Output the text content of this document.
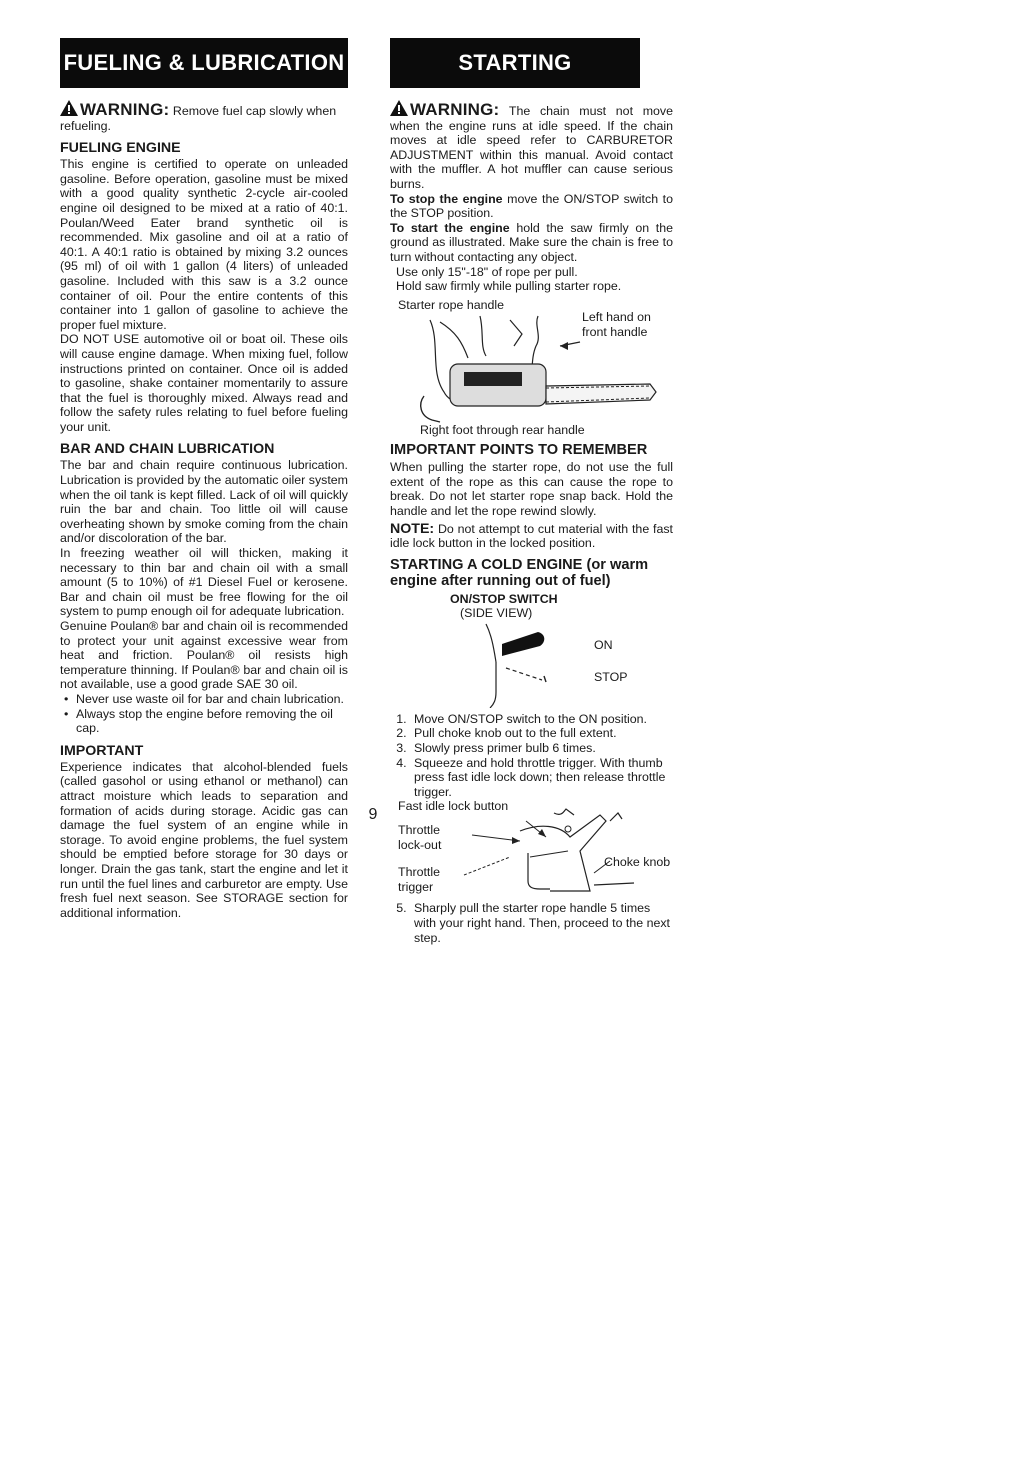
FUELING & LUBRICATION
WARNING: Remove fuel cap slowly when refueling.
FUELING ENGINE

This engine is certified to operate on unleaded gasoline. Before operation, gasoline must be mixed with a good quality synthetic 2-cycle air-cooled engine oil designed to be mixed at a ratio of 40:1. Poulan/Weed Eater brand synthetic oil is recommended. Mix gasoline and oil at a ratio of 40:1. A 40:1 ratio is obtained by mixing 3.2 ounces (95 ml) of oil with 1 gallon (4 liters) of unleaded gasoline. Included with this saw is a 3.2 ounce container of oil. Pour the entire contents of this container into 1 gallon of gasoline to achieve the proper fuel mixture.

DO NOT USE automotive oil or boat oil. These oils will cause engine damage. When mixing fuel, follow instructions printed on container. Once oil is added to gasoline, shake container momentarily to assure that the fuel is thoroughly mixed. Always read and follow the safety rules relating to fuel before fueling your unit.

BAR AND CHAIN LUBRICATION

The bar and chain require continuous lubrication. Lubrication is provided by the automatic oiler system when the oil tank is kept filled. Lack of oil will quickly ruin the bar and chain. Too little oil will cause overheating shown by smoke coming from the chain and/or discoloration of the bar.

In freezing weather oil will thicken, making it necessary to thin bar and chain oil with a small amount (5 to 10%) of #1 Diesel Fuel or kerosene. Bar and chain oil must be free flowing for the oil system to pump enough oil for adequate lubrication.

Genuine Poulan® bar and chain oil is recommended to protect your unit against excessive wear from heat and friction. Poulan® oil resists high temperature thinning. If Poulan® bar and chain oil is not available, use a good grade SAE 30 oil.

• Never use waste oil for bar and chain lubrication.
• Always stop the engine before removing the oil cap.
IMPORTANT

Experience indicates that alcohol-blended fuels (called gasohol or using ethanol or methanol) can attract moisture which leads to separation and formation of acids during storage. Acidic gas can damage the fuel system of an engine while in storage. To avoid engine problems, the fuel system should be emptied before storage for 30 days or longer. Drain the gas tank, start the engine and let it run until the fuel lines and carburetor are empty. Use fresh fuel next season. See STORAGE section for additional information.

STARTING
WARNING: The chain must not move when the engine runs at idle speed. If the chain moves at idle speed refer to CARBURETOR ADJUSTMENT within this manual. Avoid contact with the muffler. A hot muffler can cause serious burns.

To stop the engine move the ON/STOP switch to the STOP position.

To start the engine hold the saw firmly on the ground as illustrated. Make sure the chain is free to turn without contacting any object.

Use only 15"-18" of rope per pull.
Hold saw firmly while pulling starter rope.
Starter rope handle
Left hand on front handle
Right foot through rear handle
IMPORTANT POINTS TO REMEMBER

When pulling the starter rope, do not use the full extent of the rope as this can cause the rope to break. Do not let starter rope snap back. Hold the handle and let the rope rewind slowly.

NOTE: Do not attempt to cut material with the fast idle lock button in the locked position.

STARTING A COLD ENGINE (or warm engine after running out of fuel)
ON/STOP SWITCH
(SIDE VIEW)
ON
STOP
1. Move ON/STOP switch to the ON position.
2. Pull choke knob out to the full extent.
3. Slowly press primer bulb 6 times.
4. Squeeze and hold throttle trigger. With thumb press fast idle lock down; then release throttle trigger.
Fast idle lock button
Throttle lock-out
Throttle trigger
Choke knob
5. Sharply pull the starter rope handle 5 times with your right hand. Then, proceed to the next step.
9
